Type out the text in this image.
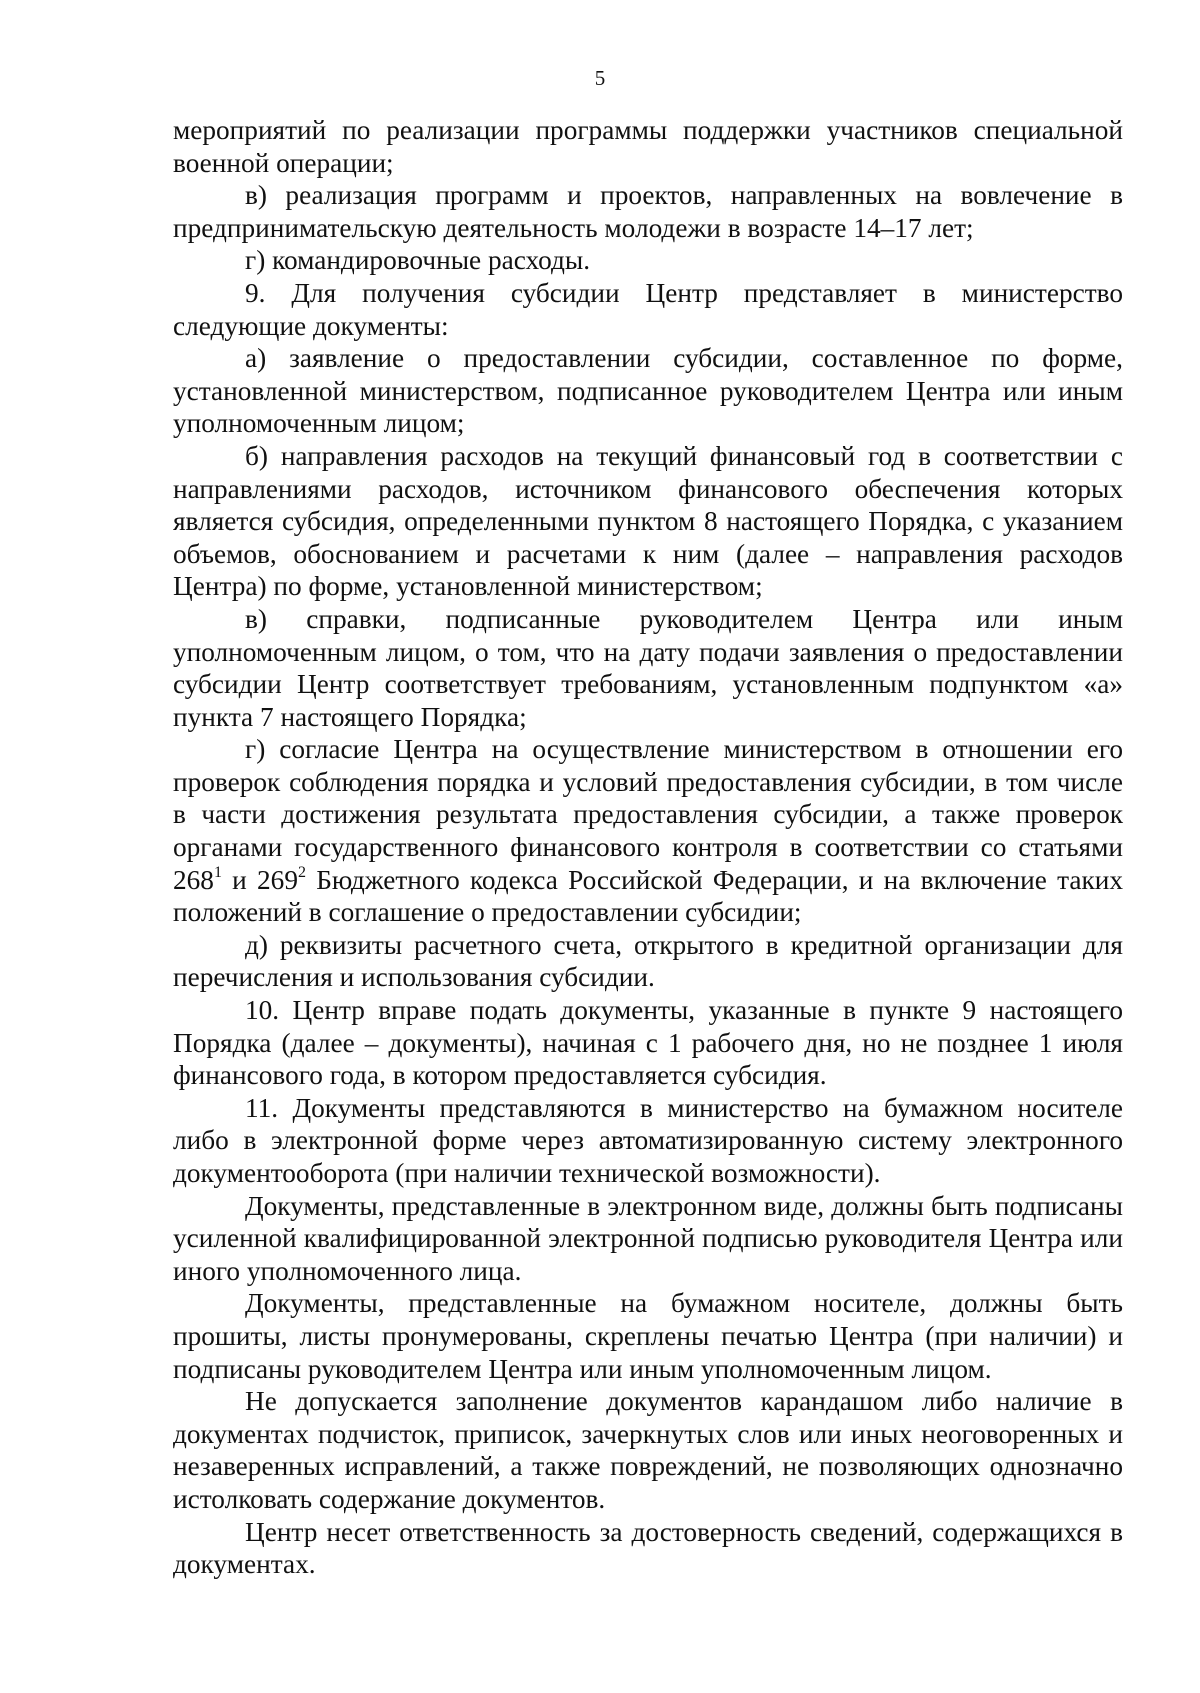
5

мероприятий по реализации программы поддержки участников специальной военной операции;

в) реализация программ и проектов, направленных на вовлечение в предпринимательскую деятельность молодежи в возрасте 14–17 лет;

г) командировочные расходы.

9. Для получения субсидии Центр представляет в министерство следующие документы:

а) заявление о предоставлении субсидии, составленное по форме, установленной министерством, подписанное руководителем Центра или иным уполномоченным лицом;

б) направления расходов на текущий финансовый год в соответствии с направлениями расходов, источником финансового обеспечения которых является субсидия, определенными пунктом 8 настоящего Порядка, с указанием объемов, обоснованием и расчетами к ним (далее – направления расходов Центра) по форме, установленной министерством;

в) справки, подписанные руководителем Центра или иным уполномоченным лицом, о том, что на дату подачи заявления о предоставлении субсидии Центр соответствует требованиям, установленным подпунктом «а» пункта 7 настоящего Порядка;

г) согласие Центра на осуществление министерством в отношении его проверок соблюдения порядка и условий предоставления субсидии, в том числе в части достижения результата предоставления субсидии, а также проверок органами государственного финансового контроля в соответствии со статьями $268^1$ и $269^2$ Бюджетного кодекса Российской Федерации, и на включение таких положений в соглашение о предоставлении субсидии;

д) реквизиты расчетного счета, открытого в кредитной организации для перечисления и использования субсидии.

10. Центр вправе подать документы, указанные в пункте 9 настоящего Порядка (далее – документы), начиная с 1 рабочего дня, но не позднее 1 июля финансового года, в котором предоставляется субсидия.

11. Документы представляются в министерство на бумажном носителе либо в электронной форме через автоматизированную систему электронного документооборота (при наличии технической возможности).

Документы, представленные в электронном виде, должны быть подписаны усиленной квалифицированной электронной подписью руководителя Центра или иного уполномоченного лица.

Документы, представленные на бумажном носителе, должны быть прошиты, листы пронумерованы, скреплены печатью Центра (при наличии) и подписаны руководителем Центра или иным уполномоченным лицом.

Не допускается заполнение документов карандашом либо наличие в документах подчисток, приписок, зачеркнутых слов или иных неоговоренных и незаверенных исправлений, а также повреждений, не позволяющих однозначно истолковать содержание документов.

Центр несет ответственность за достоверность сведений, содержащихся в документах.
